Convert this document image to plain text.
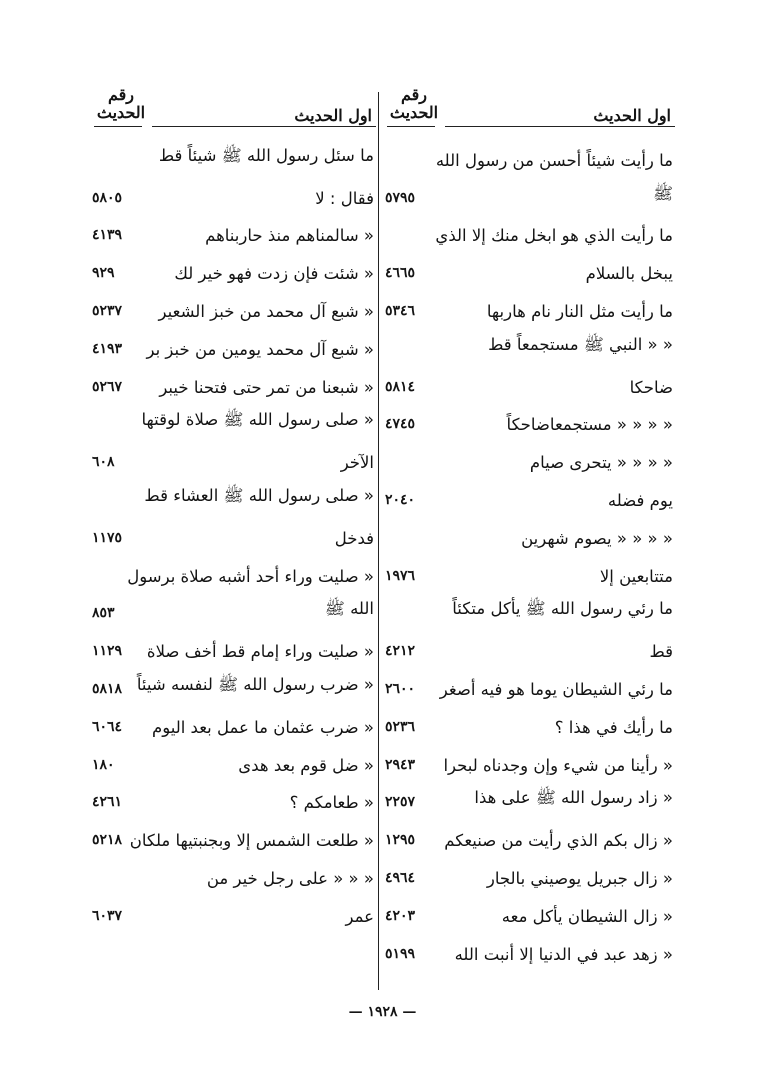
رقم
الحديث	اول الحديث
ما رأيت شيئاً أحسن من رسول الله
٥٧٩٥	ﷺ
ما رأيت الذي هو ابخل منك إلا الذي
٤٦٦٥	يبخل بالسلام
٥٣٤٦	ما رأيت مثل النار نام هاربها
« « النبي ﷺ مستجمعاً قط
٥٨١٤	ضاحكا
٤٧٤٥	« « « « مستجمعاضاحكاً
« « « « يتحرى صيام
٢٠٤٠	يوم فضله
« « « « يصوم شهرين
١٩٧٦	متتابعين إلا
ما رئي رسول الله ﷺ يأكل متكئاً
٤٢١٢	قط
٢٦٠٠ ما رئي الشيطان يوما هو فيه أصغر
٥٢٣٦	ما رأيك في هذا ؟
٢٩٤٣ « رأينا من شيء وإن وجدناه لبحرا
٢٢٥٧	« زاد رسول الله ﷺ على هذا
١٢٩٥ « زال بكم الذي رأيت من صنيعكم
٤٩٦٤	« زال جبريل يوصيني بالجار
٤٢٠٣	« زال الشيطان يأكل معه
٥١٩٩ « زهد عبد في الدنيا إلا أنبت الله
رقم
الحديث	اول الحديث
ما سئل رسول الله ﷺ شيئاً قط
٥٨٠٥	فقال : لا
٤١٣٩	« سالمناهم منذ حاربناهم
٩٢٩	« شئت فإن زدت فهو خير لك
٥٢٣٧ « شبع آل محمد من خبز الشعير
٤١٩٣ « شبع آل محمد يومين من خبز بر
٥٢٦٧ « شبعنا من تمر حتى فتحنا خيبر
« صلى رسول الله ﷺ صلاة لوقتها
٦٠٨	الآخر
« صلى رسول الله ﷺ العشاء قط
١١٧٥	فدخل
« صليت وراء أحد أشبه صلاة برسول
٨٥٣	الله ﷺ
١١٢٩ « صليت وراء إمام قط أخف صلاة
٥٨١٨ « ضرب رسول الله ﷺ لنفسه شيئاً
٦٠٦٤ « ضرب عثمان ما عمل بعد اليوم
١٨٠	« ضل قوم بعد هدى
٤٢٦١	« طعامكم ؟
٥٢١٨ « طلعت الشمس إلا وبجنبتيها ملكان
« « « على رجل خير من
٦٠٣٧	عمر
— ١٩٢٨ —
